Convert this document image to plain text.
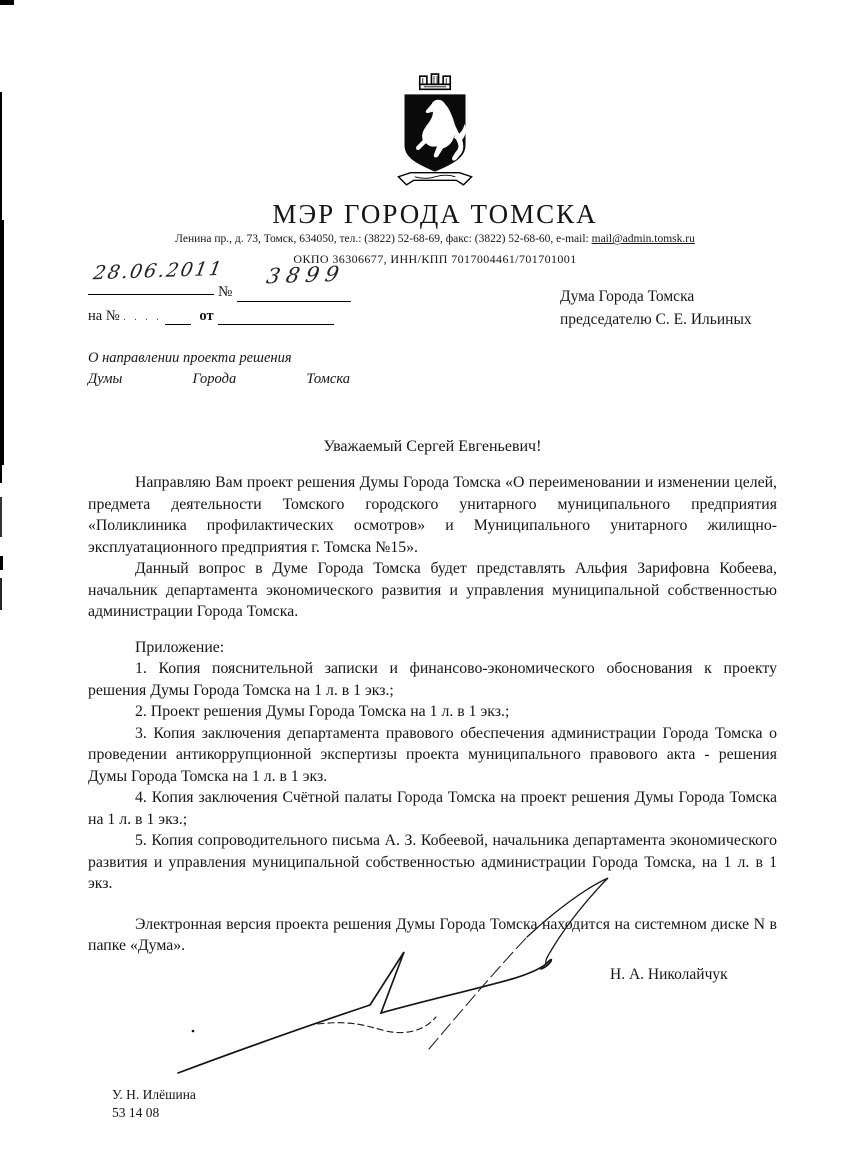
МЭР ГОРОДА ТОМСКА
Ленина пр., д. 73, Томск, 634050, тел.: (3822) 52-68-69, факс: (3822) 52-68-60, e-mail: mail@admin.tomsk.ru
ОКПО 36306677, ИНН/КПП 7017004461/701701001
28.06.2011
№
3899
на № . . . .	от
Дума Города Томска
председателю С. Е. Ильиных
О направлении проекта решения
Думы Города Томска
Уважаемый Сергей Евгеньевич!

Направляю Вам проект решения Думы Города Томска «О переименовании и изменении целей, предмета деятельности Томского городского унитарного муниципального предприятия «Поликлиника профилактических осмотров» и Муниципального унитарного жилищно-эксплуатационного предприятия г. Томска №15».

Данный вопрос в Думе Города Томска будет представлять Альфия Зарифовна Кобеева, начальник департамента экономического развития и управления муниципальной собственностью администрации Города Томска.

Приложение:

1. Копия пояснительной записки и финансово-экономического обоснования к проекту решения Думы Города Томска на 1 л. в 1 экз.;

2. Проект решения Думы Города Томска на 1 л. в 1 экз.;

3. Копия заключения департамента правового обеспечения администрации Города Томска о проведении антикоррупционной экспертизы проекта муниципального правового акта - решения Думы Города Томска на 1 л. в 1 экз.

4. Копия заключения Счётной палаты Города Томска на проект решения Думы Города Томска на 1 л. в 1 экз.;

5. Копия сопроводительного письма А. З. Кобеевой, начальника департамента экономического развития и управления муниципальной собственностью администрации Города Томска, на 1 л. в 1 экз.

Электронная версия проекта решения Думы Города Томска находится на системном диске N в папке «Дума».

Н. А. Николайчук
У. Н. Илёшина
53 14 08
